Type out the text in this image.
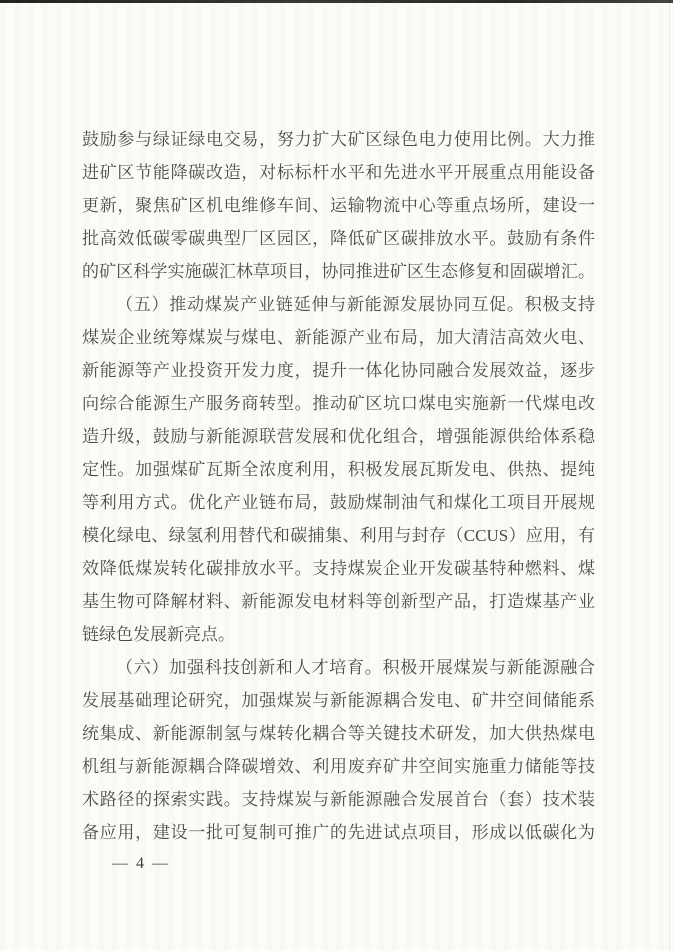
鼓励参与绿证绿电交易，努力扩大矿区绿色电力使用比例。大力推
进矿区节能降碳改造，对标标杆水平和先进水平开展重点用能设备
更新，聚焦矿区机电维修车间、运输物流中心等重点场所，建设一
批高效低碳零碳典型厂区园区，降低矿区碳排放水平。鼓励有条件
的矿区科学实施碳汇林草项目，协同推进矿区生态修复和固碳增汇。
（五）推动煤炭产业链延伸与新能源发展协同互促。积极支持
煤炭企业统筹煤炭与煤电、新能源产业布局，加大清洁高效火电、
新能源等产业投资开发力度，提升一体化协同融合发展效益，逐步
向综合能源生产服务商转型。推动矿区坑口煤电实施新一代煤电改
造升级，鼓励与新能源联营发展和优化组合，增强能源供给体系稳
定性。加强煤矿瓦斯全浓度利用，积极发展瓦斯发电、供热、提纯
等利用方式。优化产业链布局，鼓励煤制油气和煤化工项目开展规
模化绿电、绿氢利用替代和碳捕集、利用与封存（CCUS）应用，有
效降低煤炭转化碳排放水平。支持煤炭企业开发碳基特种燃料、煤
基生物可降解材料、新能源发电材料等创新型产品，打造煤基产业
链绿色发展新亮点。
（六）加强科技创新和人才培育。积极开展煤炭与新能源融合
发展基础理论研究，加强煤炭与新能源耦合发电、矿井空间储能系
统集成、新能源制氢与煤转化耦合等关键技术研发，加大供热煤电
机组与新能源耦合降碳增效、利用废弃矿井空间实施重力储能等技
术路径的探索实践。支持煤炭与新能源融合发展首台（套）技术装
备应用，建设一批可复制可推广的先进试点项目，形成以低碳化为
— 4 —
